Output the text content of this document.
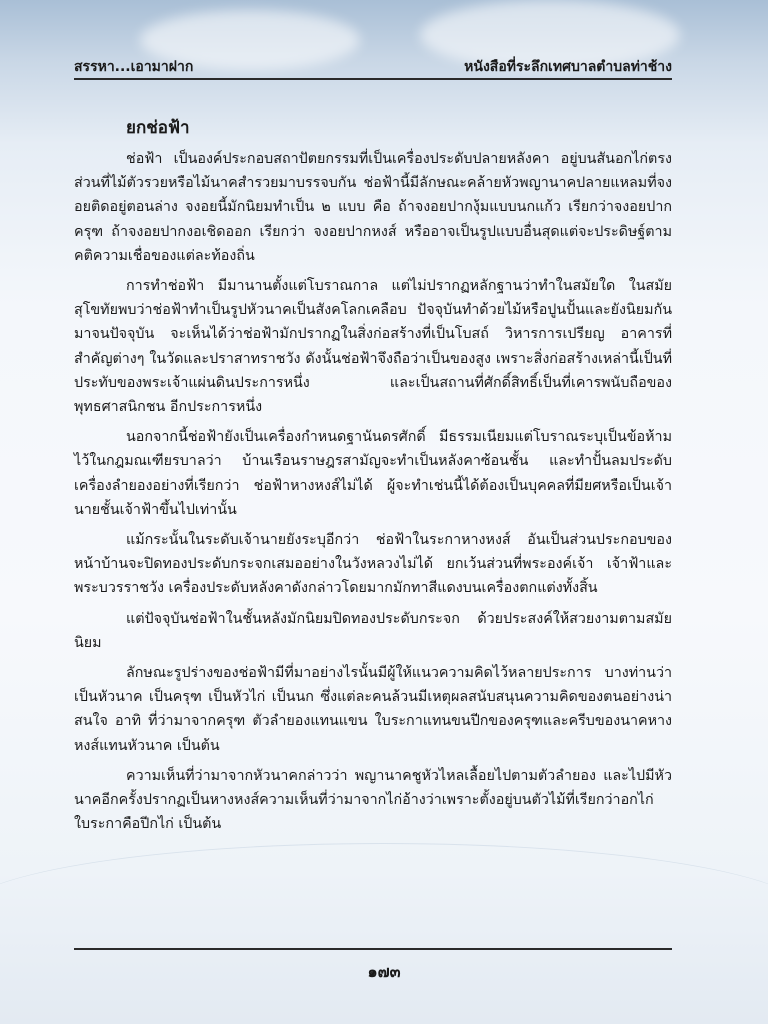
สรรหา...เอามาฝาก	หนังสือที่ระลึกเทศบาลตำบลท่าช้าง
ยกช่อฟ้า

ช่อฟ้า เป็นองค์ประกอบสถาปัตยกรรมที่เป็นเครื่องประดับปลายหลังคา อยู่บนสันอกไก่ตรงส่วนที่ไม้ตัวรวยหรือไม้นาคสำรวยมาบรรจบกัน ช่อฟ้านี้มีลักษณะคล้ายหัวพญานาคปลายแหลมที่จงอยติดอยู่ตอนล่าง จงอยนี้มักนิยมทำเป็น ๒ แบบ คือ ถ้าจงอยปากงุ้มแบบนกแก้ว เรียกว่าจงอยปากครุฑ ถ้าจงอยปากงอเชิดออก เรียกว่า จงอยปากหงส์ หรืออาจเป็นรูปแบบอื่นสุดแต่จะประดิษฐ์ตามคติความเชื่อของแต่ละท้องถิ่น

การทำช่อฟ้า มีมานานตั้งแต่โบราณกาล แต่ไม่ปรากฏหลักฐานว่าทำในสมัยใด ในสมัยสุโขทัยพบว่าช่อฟ้าทำเป็นรูปหัวนาคเป็นสังคโลกเคลือบ ปัจจุบันทำด้วยไม้หรือปูนปั้นและยังนิยมกันมาจนปัจจุบัน จะเห็นได้ว่าช่อฟ้ามักปรากฏในสิ่งก่อสร้างที่เป็นโบสถ์ วิหารการเปรียญ อาคารที่สำคัญต่างๆ ในวัดและปราสาทราชวัง ดังนั้นช่อฟ้าจึงถือว่าเป็นของสูง เพราะสิ่งก่อสร้างเหล่านี้เป็นที่ประทับของพระเจ้าแผ่นดินประการหนึ่ง และเป็นสถานที่ศักดิ์สิทธิ์เป็นที่เคารพนับถือของพุทธศาสนิกชน อีกประการหนึ่ง

นอกจากนี้ช่อฟ้ายังเป็นเครื่องกำหนดฐานันดรศักดิ์ มีธรรมเนียมแต่โบราณระบุเป็นข้อห้ามไว้ในกฎมณเฑียรบาลว่า บ้านเรือนราษฎรสามัญจะทำเป็นหลังคาซ้อนชั้น และทำปั้นลมประดับเครื่องลำยองอย่างที่เรียกว่า ช่อฟ้าหางหงส์ไม่ได้ ผู้จะทำเช่นนี้ได้ต้องเป็นบุคคลที่มียศหรือเป็นเจ้านายชั้นเจ้าฟ้าขึ้นไปเท่านั้น

แม้กระนั้นในระดับเจ้านายยังระบุอีกว่า ช่อฟ้าในระกาหางหงส์ อันเป็นส่วนประกอบของหน้าบ้านจะปิดทองประดับกระจกเสมออย่างในวังหลวงไม่ได้ ยกเว้นส่วนที่พระองค์เจ้า เจ้าฟ้าและพระบวรราชวัง เครื่องประดับหลังคาดังกล่าวโดยมากมักทาสีแดงบนเครื่องตกแต่งทั้งสิ้น

แต่ปัจจุบันช่อฟ้าในชั้นหลังมักนิยมปิดทองประดับกระจก ด้วยประสงค์ให้สวยงามตามสมัยนิยม

ลักษณะรูปร่างของช่อฟ้ามีที่มาอย่างไรนั้นมีผู้ให้แนวความคิดไว้หลายประการ บางท่านว่าเป็นหัวนาค เป็นครุฑ เป็นหัวไก่ เป็นนก ซึ่งแต่ละคนล้วนมีเหตุผลสนับสนุนความคิดของตนอย่างน่าสนใจ อาทิ ที่ว่ามาจากครุฑ ตัวลำยองแทนแขน ใบระกาแทนขนปีกของครุฑและครีบของนาคหางหงส์แทนหัวนาค เป็นต้น

ความเห็นที่ว่ามาจากหัวนาคกล่าวว่า พญานาคชูหัวไหลเลื้อยไปตามตัวลำยอง และไปมีหัวนาคอีกครั้งปรากฏเป็นหางหงส์ความเห็นที่ว่ามาจากไก่อ้างว่าเพราะตั้งอยู่บนตัวไม้ที่เรียกว่าอกไก่ใบระกาคือปีกไก่ เป็นต้น

๑๗๓
